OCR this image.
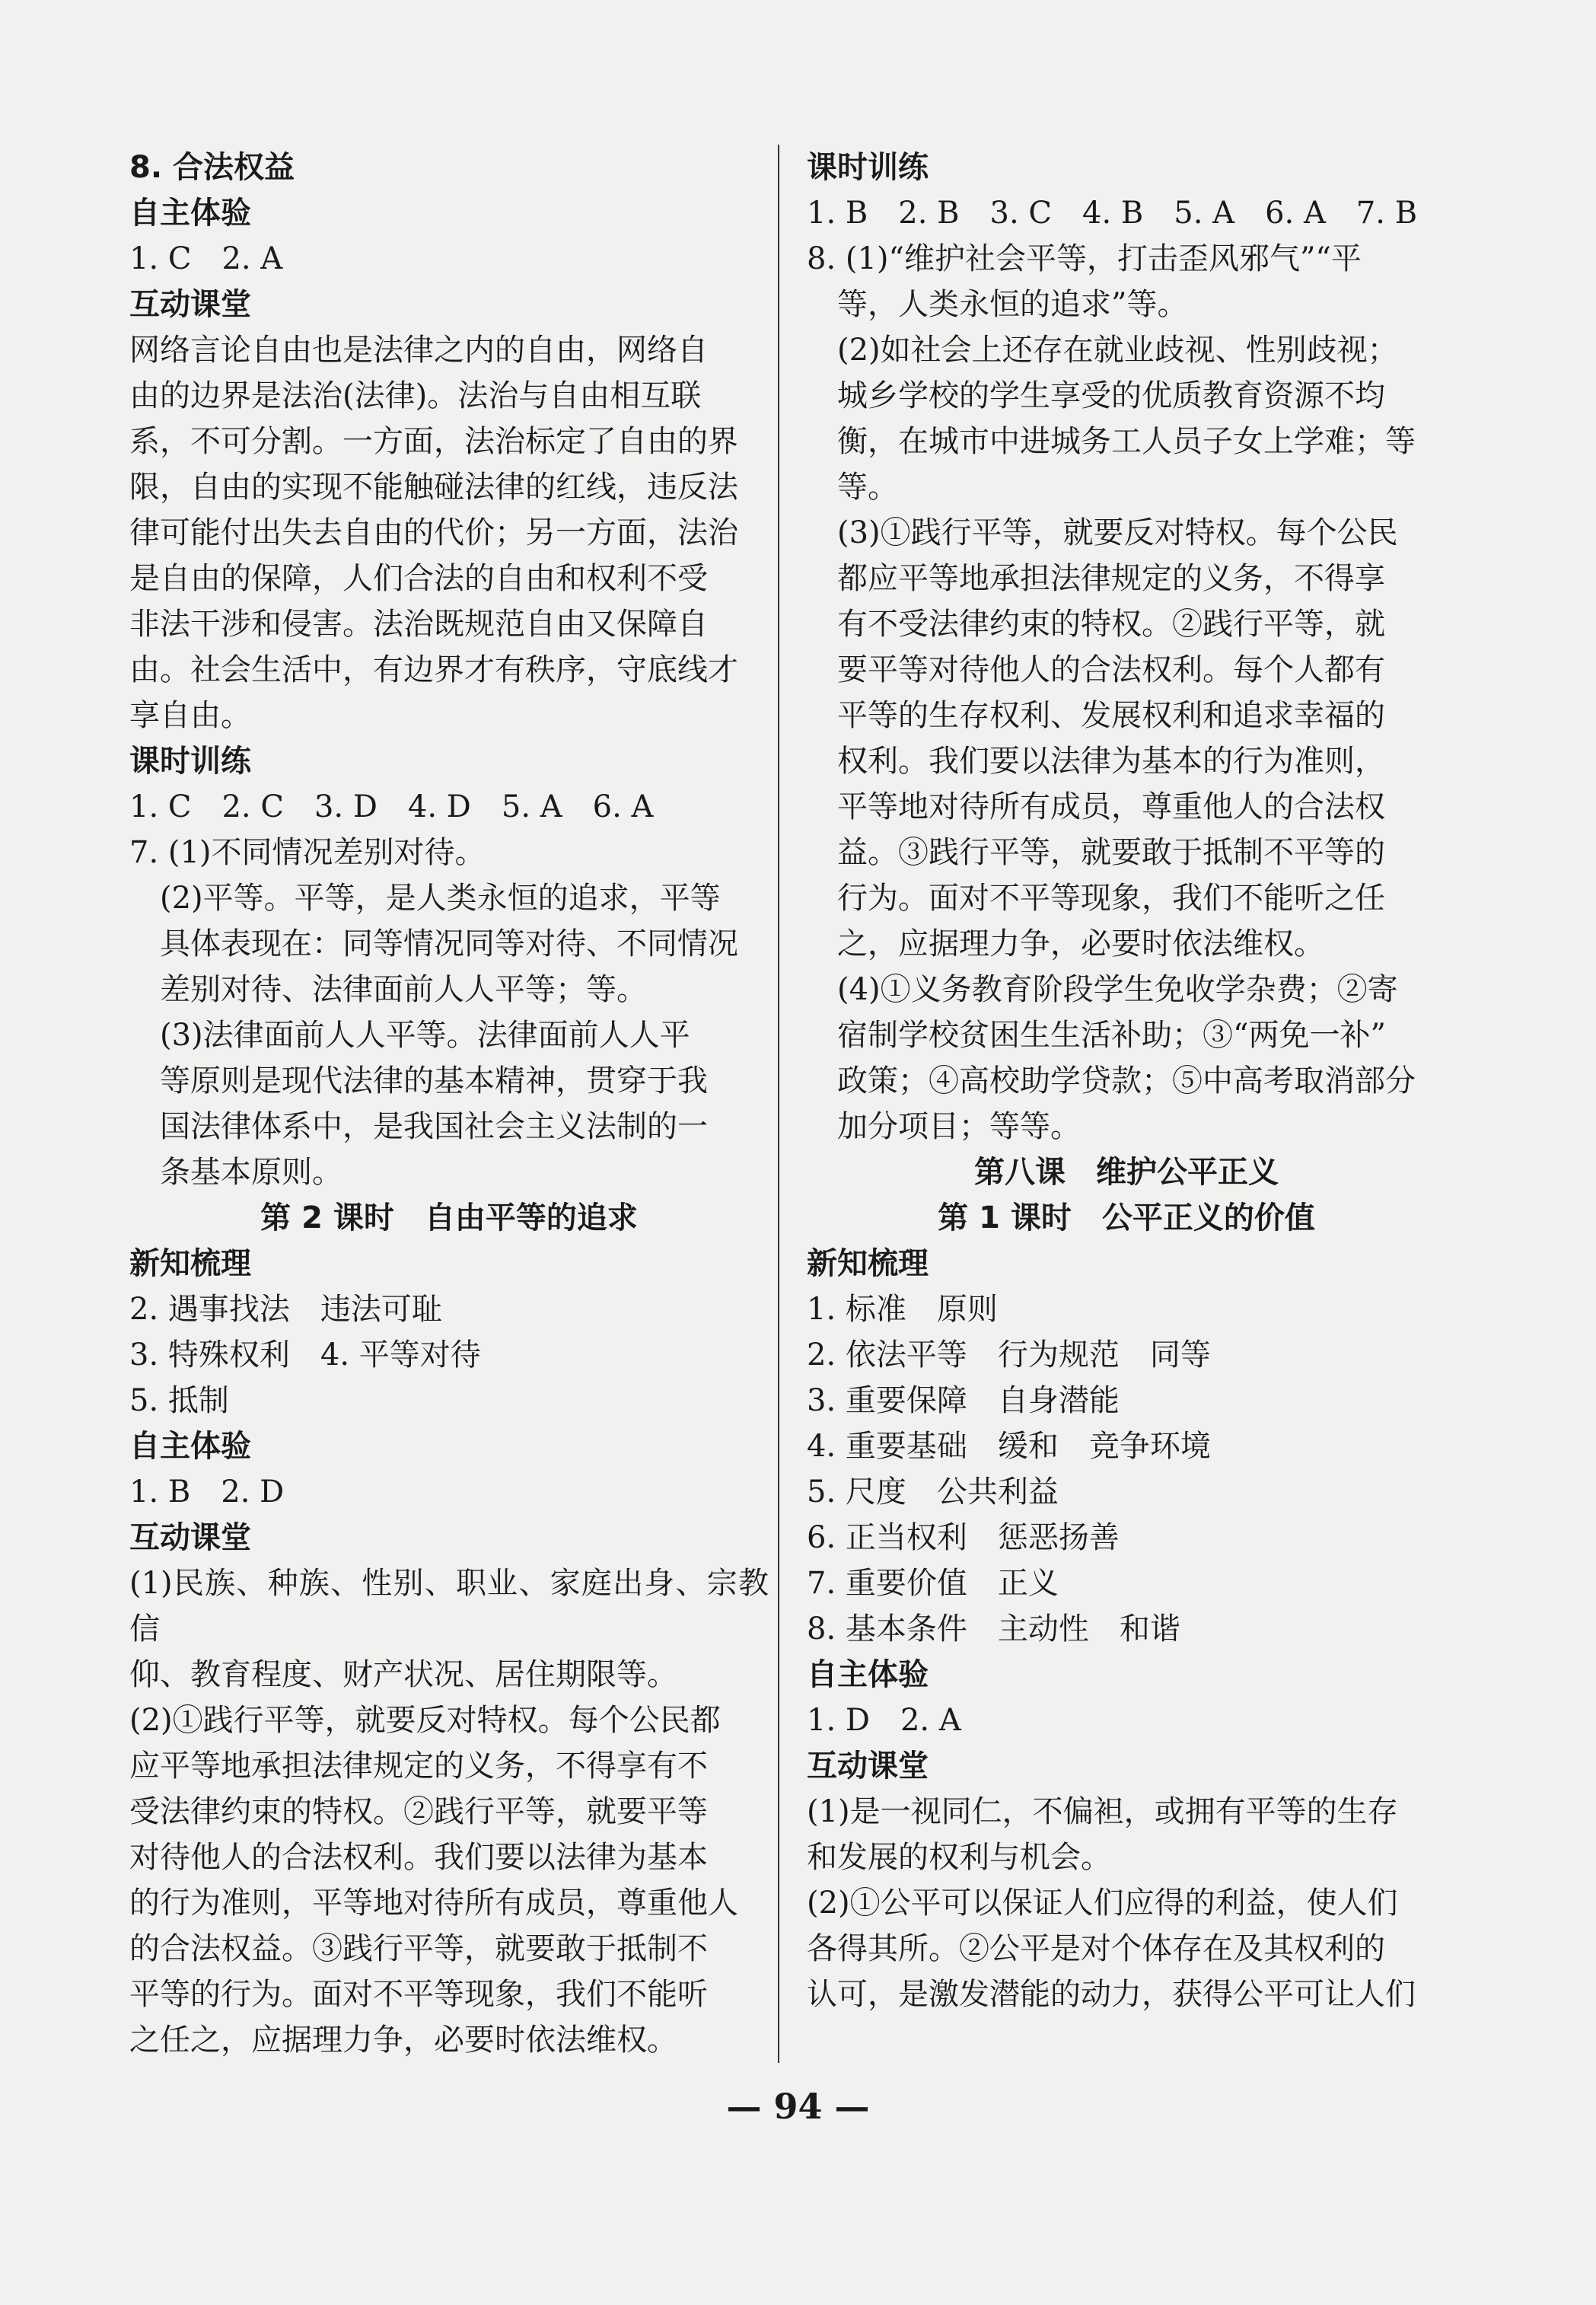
8. 合法权益
自主体验
1. C　2. A
互动课堂
网络言论自由也是法律之内的自由，网络自
由的边界是法治(法律)。法治与自由相互联
系，不可分割。一方面，法治标定了自由的界
限，自由的实现不能触碰法律的红线，违反法
律可能付出失去自由的代价；另一方面，法治
是自由的保障，人们合法的自由和权利不受
非法干涉和侵害。法治既规范自由又保障自
由。社会生活中，有边界才有秩序，守底线才
享自由。
课时训练
1. C　2. C　3. D　4. D　5. A　6. A
7. (1)不同情况差别对待。
(2)平等。平等，是人类永恒的追求，平等
具体表现在：同等情况同等对待、不同情况
差别对待、法律面前人人平等；等。
(3)法律面前人人平等。法律面前人人平
等原则是现代法律的基本精神，贯穿于我
国法律体系中，是我国社会主义法制的一
条基本原则。
第 2 课时　自由平等的追求
新知梳理
2. 遇事找法　违法可耻
3. 特殊权利　4. 平等对待
5. 抵制
自主体验
1. B　2. D
互动课堂
(1)民族、种族、性别、职业、家庭出身、宗教信
仰、教育程度、财产状况、居住期限等。
(2)①践行平等，就要反对特权。每个公民都
应平等地承担法律规定的义务，不得享有不
受法律约束的特权。②践行平等，就要平等
对待他人的合法权利。我们要以法律为基本
的行为准则，平等地对待所有成员，尊重他人
的合法权益。③践行平等，就要敢于抵制不
平等的行为。面对不平等现象，我们不能听
之任之，应据理力争，必要时依法维权。
课时训练
1. B　2. B　3. C　4. B　5. A　6. A　7. B
8. (1)“维护社会平等，打击歪风邪气”“平
等，人类永恒的追求”等。
(2)如社会上还存在就业歧视、性别歧视；
城乡学校的学生享受的优质教育资源不均
衡，在城市中进城务工人员子女上学难；等
等。
(3)①践行平等，就要反对特权。每个公民
都应平等地承担法律规定的义务，不得享
有不受法律约束的特权。②践行平等，就
要平等对待他人的合法权利。每个人都有
平等的生存权利、发展权利和追求幸福的
权利。我们要以法律为基本的行为准则，
平等地对待所有成员，尊重他人的合法权
益。③践行平等，就要敢于抵制不平等的
行为。面对不平等现象，我们不能听之任
之，应据理力争，必要时依法维权。
(4)①义务教育阶段学生免收学杂费；②寄
宿制学校贫困生生活补助；③“两免一补”
政策；④高校助学贷款；⑤中高考取消部分
加分项目；等等。
第八课　维护公平正义
第 1 课时　公平正义的价值
新知梳理
1. 标准　原则
2. 依法平等　行为规范　同等
3. 重要保障　自身潜能
4. 重要基础　缓和　竞争环境
5. 尺度　公共利益
6. 正当权利　惩恶扬善
7. 重要价值　正义
8. 基本条件　主动性　和谐
自主体验
1. D　2. A
互动课堂
(1)是一视同仁，不偏袒，或拥有平等的生存
和发展的权利与机会。
(2)①公平可以保证人们应得的利益，使人们
各得其所。②公平是对个体存在及其权利的
认可，是激发潜能的动力，获得公平可让人们
— 94 —
